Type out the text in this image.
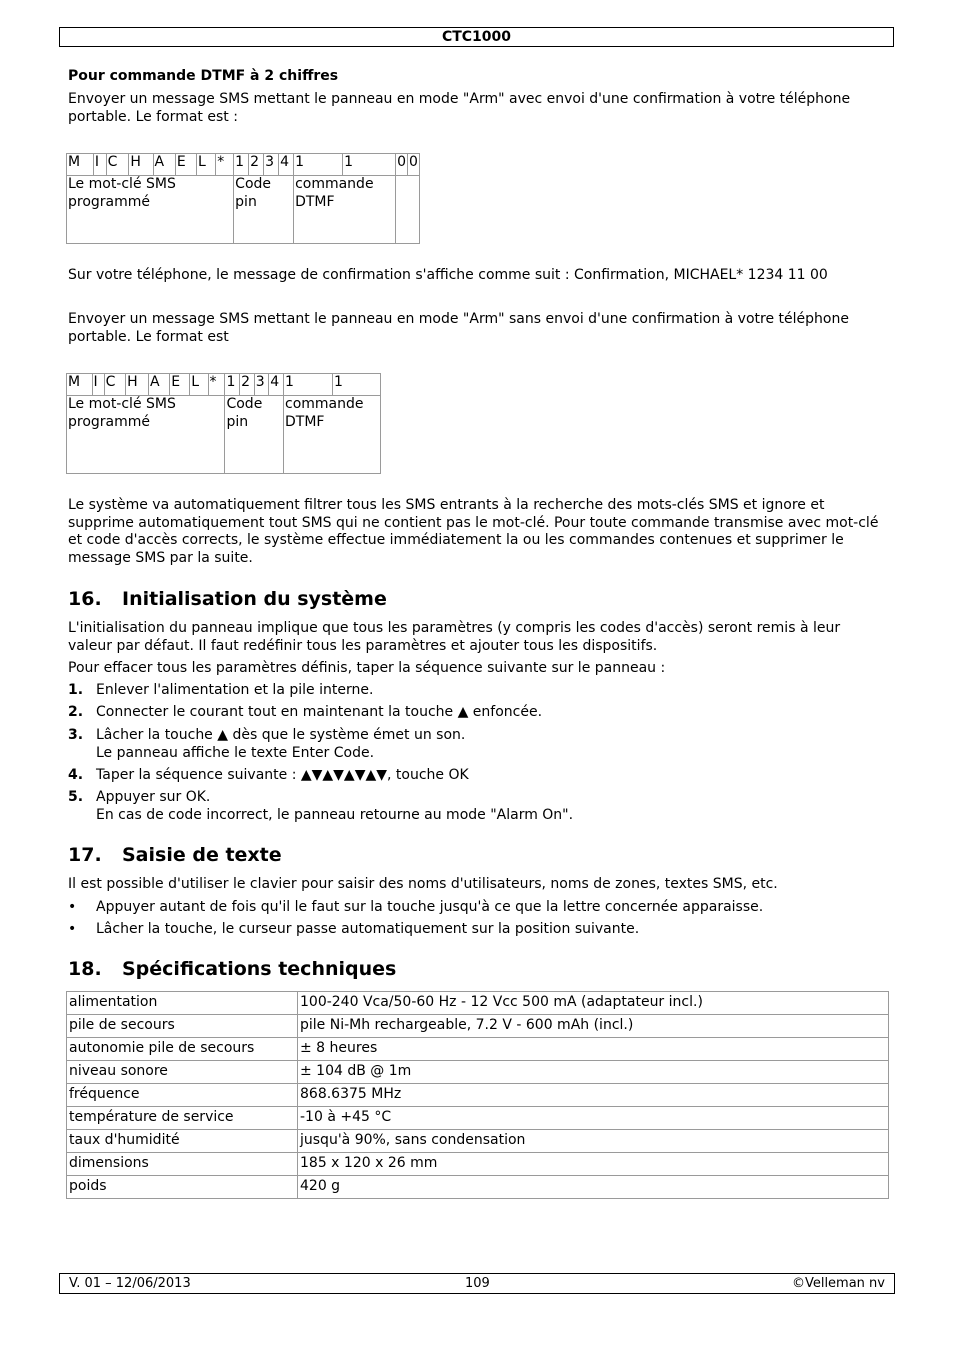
CTC1000
Pour commande DTMF à 2 chiffres

Envoyer un message SMS mettant le panneau en mode "Arm" avec envoi d'une confirmation à votre téléphone portable. Le format est :

M	I	C	H	A	E	L	*	1	2	3	4	1	1	0	0
Le mot-clé SMS programmé								Code pin				commande DTMF			

Sur votre téléphone, le message de confirmation s'affiche comme suit : Confirmation, MICHAEL* 1234 11 00

Envoyer un message SMS mettant le panneau en mode "Arm" sans envoi d'une confirmation à votre téléphone portable. Le format est

M	I	C	H	A	E	L	*	1	2	3	4	1	1
Le mot-clé SMS programmé								Code pin				commande DTMF	

Le système va automatiquement filtrer tous les SMS entrants à la recherche des mots-clés SMS et ignore et supprime automatiquement tout SMS qui ne contient pas le mot-clé. Pour toute commande transmise avec mot-clé et code d'accès corrects, le système effectue immédiatement la ou les commandes contenues et supprimer le message SMS par la suite.

16. Initialisation du système

L'initialisation du panneau implique que tous les paramètres (y compris les codes d'accès) seront remis à leur valeur par défaut. Il faut redéfinir tous les paramètres et ajouter tous les dispositifs.

Pour effacer tous les paramètres définis, taper la séquence suivante sur le panneau :

1. Enlever l'alimentation et la pile interne.
2. Connecter le courant tout en maintenant la touche ▲ enfoncée.
3. Lâcher la touche ▲ dès que le système émet un son.
Le panneau affiche le texte Enter Code.
4. Taper la séquence suivante : ▲▼▲▼▲▼▲▼, touche OK
5. Appuyer sur OK.
En cas de code incorrect, le panneau retourne au mode "Alarm On".
17. Saisie de texte

Il est possible d'utiliser le clavier pour saisir des noms d'utilisateurs, noms de zones, textes SMS, etc.

• Appuyer autant de fois qu'il le faut sur la touche jusqu'à ce que la lettre concernée apparaisse.
• Lâcher la touche, le curseur passe automatiquement sur la position suivante.
18. Spécifications techniques
alimentation	100-240 Vca/50-60 Hz - 12 Vcc 500 mA (adaptateur incl.)
pile de secours	pile Ni-Mh rechargeable, 7.2 V - 600 mAh (incl.)
autonomie pile de secours	± 8 heures
niveau sonore	± 104 dB @ 1m
fréquence	868.6375 MHz
température de service	-10 à +45 °C
taux d'humidité	jusqu'à 90%, sans condensation
dimensions	185 x 120 x 26 mm
poids	420 g
V. 01 – 12/06/2013	109	©Velleman nv
